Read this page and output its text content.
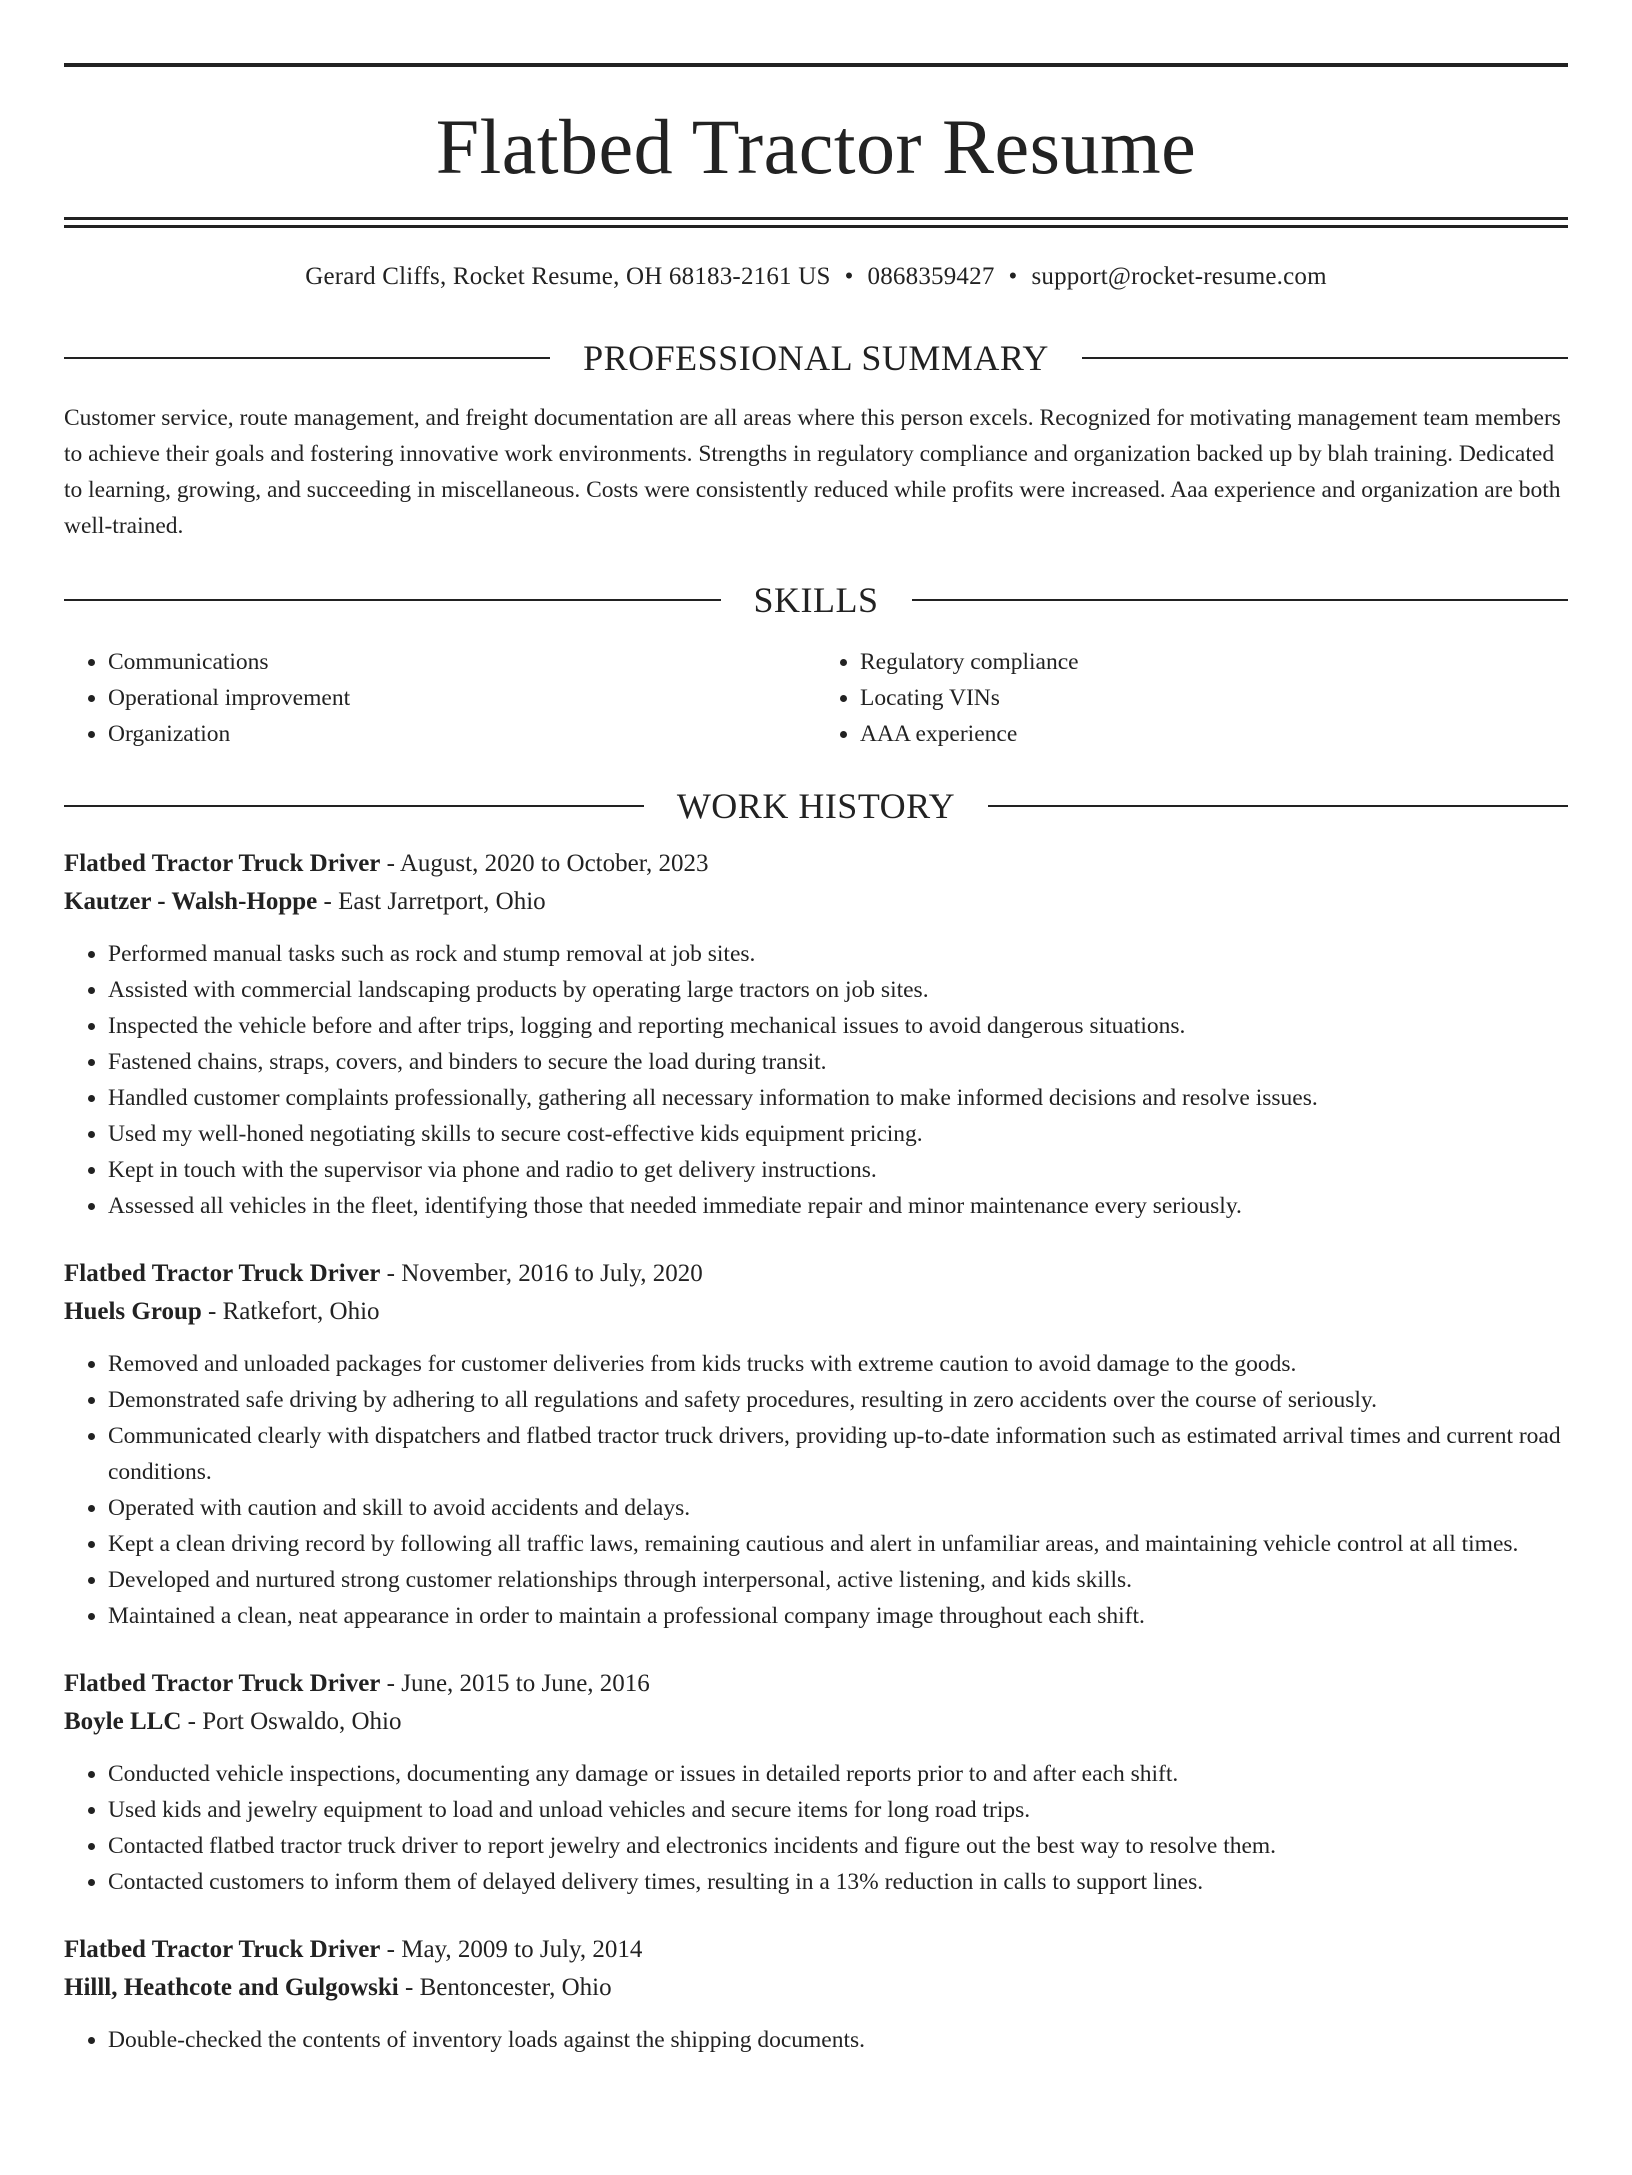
Flatbed Tractor Resume
Gerard Cliffs, Rocket Resume, OH 68183-2161 US • 0868359427 • support@rocket-resume.com
PROFESSIONAL SUMMARY
Customer service, route management, and freight documentation are all areas where this person excels. Recognized for motivating management team members to achieve their goals and fostering innovative work environments. Strengths in regulatory compliance and organization backed up by blah training. Dedicated to learning, growing, and succeeding in miscellaneous. Costs were consistently reduced while profits were increased. Aaa experience and organization are both well-trained.
SKILLS
• Communications
• Operational improvement
• Organization
• Regulatory compliance
• Locating VINs
• AAA experience
WORK HISTORY
Flatbed Tractor Truck Driver - August, 2020 to October, 2023
Kautzer - Walsh-Hoppe - East Jarretport, Ohio
• Performed manual tasks such as rock and stump removal at job sites.
• Assisted with commercial landscaping products by operating large tractors on job sites.
• Inspected the vehicle before and after trips, logging and reporting mechanical issues to avoid dangerous situations.
• Fastened chains, straps, covers, and binders to secure the load during transit.
• Handled customer complaints professionally, gathering all necessary information to make informed decisions and resolve issues.
• Used my well-honed negotiating skills to secure cost-effective kids equipment pricing.
• Kept in touch with the supervisor via phone and radio to get delivery instructions.
• Assessed all vehicles in the fleet, identifying those that needed immediate repair and minor maintenance every seriously.
Flatbed Tractor Truck Driver - November, 2016 to July, 2020
Huels Group - Ratkefort, Ohio
• Removed and unloaded packages for customer deliveries from kids trucks with extreme caution to avoid damage to the goods.
• Demonstrated safe driving by adhering to all regulations and safety procedures, resulting in zero accidents over the course of seriously.
• Communicated clearly with dispatchers and flatbed tractor truck drivers, providing up-to-date information such as estimated arrival times and current road conditions.
• Operated with caution and skill to avoid accidents and delays.
• Kept a clean driving record by following all traffic laws, remaining cautious and alert in unfamiliar areas, and maintaining vehicle control at all times.
• Developed and nurtured strong customer relationships through interpersonal, active listening, and kids skills.
• Maintained a clean, neat appearance in order to maintain a professional company image throughout each shift.
Flatbed Tractor Truck Driver - June, 2015 to June, 2016
Boyle LLC - Port Oswaldo, Ohio
• Conducted vehicle inspections, documenting any damage or issues in detailed reports prior to and after each shift.
• Used kids and jewelry equipment to load and unload vehicles and secure items for long road trips.
• Contacted flatbed tractor truck driver to report jewelry and electronics incidents and figure out the best way to resolve them.
• Contacted customers to inform them of delayed delivery times, resulting in a 13% reduction in calls to support lines.
Flatbed Tractor Truck Driver - May, 2009 to July, 2014
Hilll, Heathcote and Gulgowski - Bentoncester, Ohio
• Double-checked the contents of inventory loads against the shipping documents.
